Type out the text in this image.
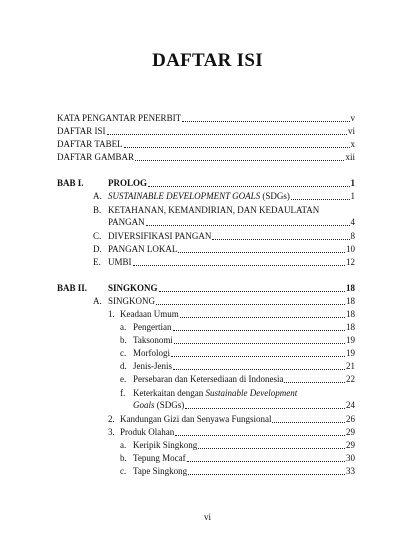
DAFTAR ISI
KATA PENGANTAR PENERBIT	v
DAFTAR ISI	vi
DAFTAR TABEL	x
DAFTAR GAMBAR	xii
BAB I.	PROLOG	1
A. SUSTAINABLE DEVELOPMENT GOALS (SDGs)	1
B. KETAHANAN, KEMANDIRIAN, DAN KEDAULATAN
PANGAN	4
C. DIVERSIFIKASI PANGAN	8
D. PANGAN LOKAL	10
E. UMBI	12
BAB II. SINGKONG	18
A. SINGKONG	18
1. Keadaan Umum	18
a. Pengertian	18
b. Taksonomi	19
c. Morfologi	19
d. Jenis-Jenis	21
e. Persebaran dan Ketersediaan di Indonesia	22
f. Keterkaitan dengan Sustainable Development
Goals (SDGs)	24
2. Kandungan Gizi dan Senyawa Fungsional	26
3. Produk Olahan	29
a. Keripik Singkong	29
b. Tepung Mocaf	30
c. Tape Singkong	33
vi
